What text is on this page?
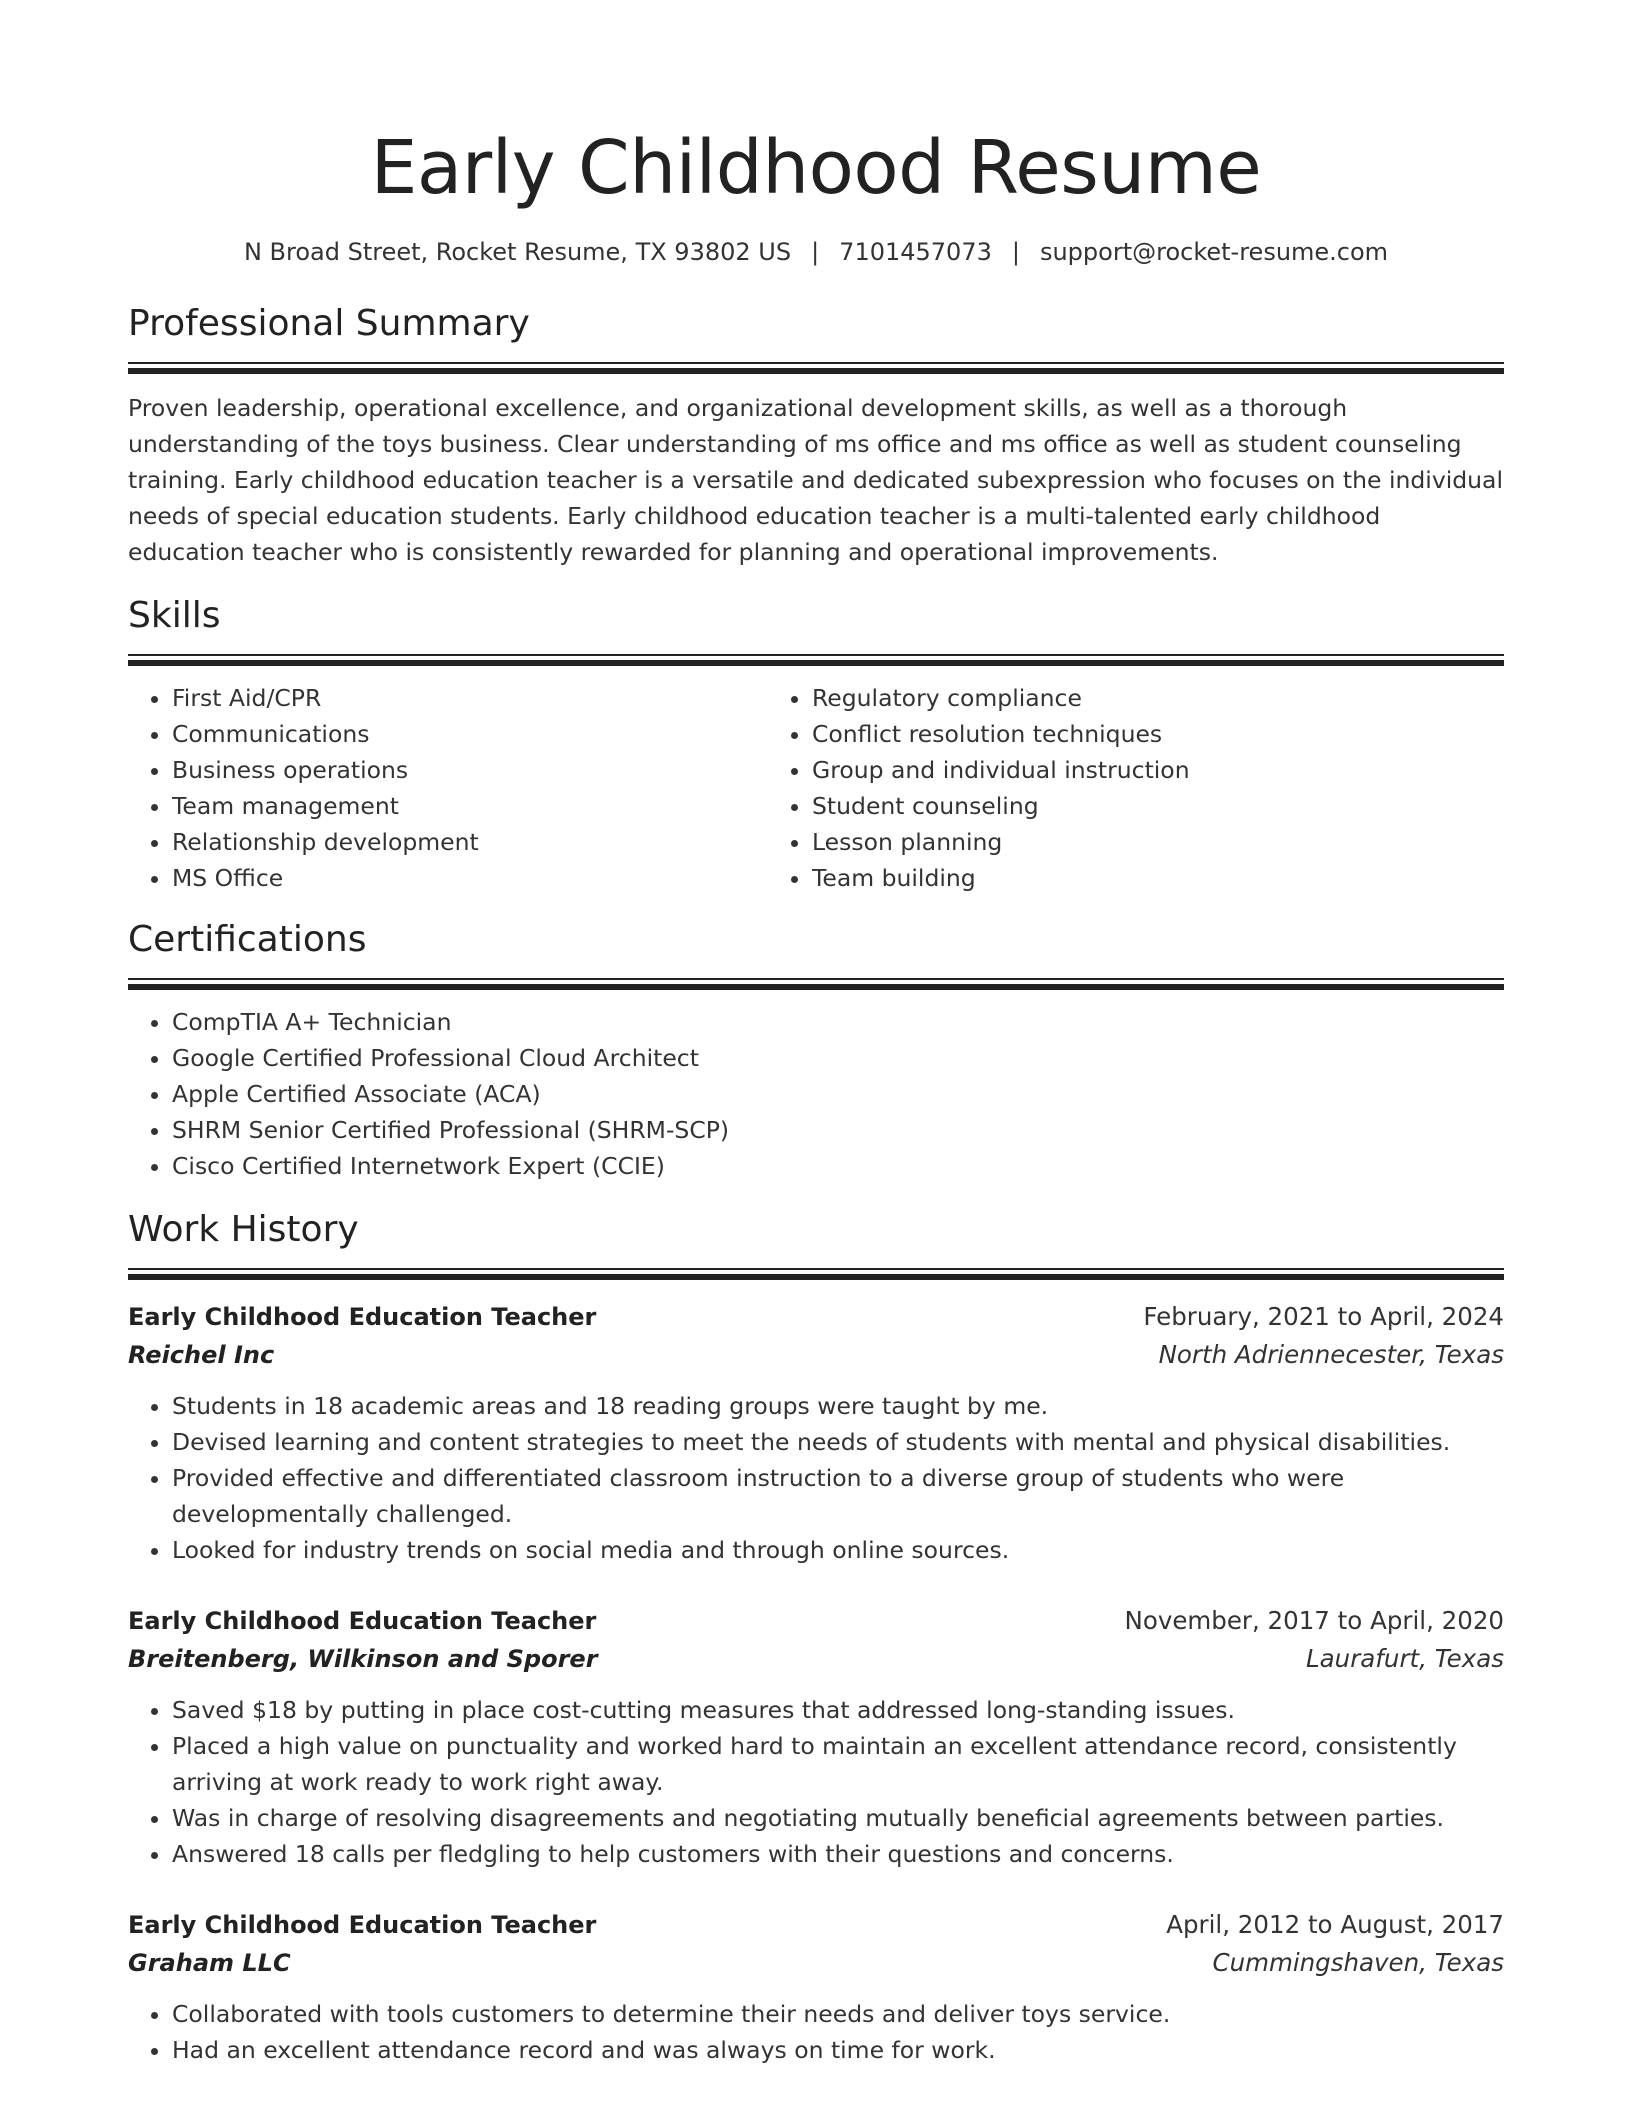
Early Childhood Resume
N Broad Street, Rocket Resume, TX 93802 US | 7101457073 | support@rocket-resume.com
Professional Summary

Proven leadership, operational excellence, and organizational development skills, as well as a thorough understanding of the toys business. Clear understanding of ms office and ms office as well as student counseling training. Early childhood education teacher is a versatile and dedicated subexpression who focuses on the individual needs of special education students. Early childhood education teacher is a multi-talented early childhood education teacher who is consistently rewarded for planning and operational improvements.

Skills
• First Aid/CPR
• Communications
• Business operations
• Team management
• Relationship development
• MS Office
• Regulatory compliance
• Conflict resolution techniques
• Group and individual instruction
• Student counseling
• Lesson planning
• Team building
Certifications
• CompTIA A+ Technician
• Google Certified Professional Cloud Architect
• Apple Certified Associate (ACA)
• SHRM Senior Certified Professional (SHRM-SCP)
• Cisco Certified Internetwork Expert (CCIE)
Work History
Early Childhood Education Teacher	February, 2021 to April, 2024
Reichel Inc	North Adriennecester, Texas
• Students in 18 academic areas and 18 reading groups were taught by me.
• Devised learning and content strategies to meet the needs of students with mental and physical disabilities.
• Provided effective and differentiated classroom instruction to a diverse group of students who were developmentally challenged.
• Looked for industry trends on social media and through online sources.
Early Childhood Education Teacher	November, 2017 to April, 2020
Breitenberg, Wilkinson and Sporer	Laurafurt, Texas
• Saved $18 by putting in place cost-cutting measures that addressed long-standing issues.
• Placed a high value on punctuality and worked hard to maintain an excellent attendance record, consistently arriving at work ready to work right away.
• Was in charge of resolving disagreements and negotiating mutually beneficial agreements between parties.
• Answered 18 calls per fledgling to help customers with their questions and concerns.
Early Childhood Education Teacher	April, 2012 to August, 2017
Graham LLC	Cummingshaven, Texas
• Collaborated with tools customers to determine their needs and deliver toys service.
• Had an excellent attendance record and was always on time for work.
